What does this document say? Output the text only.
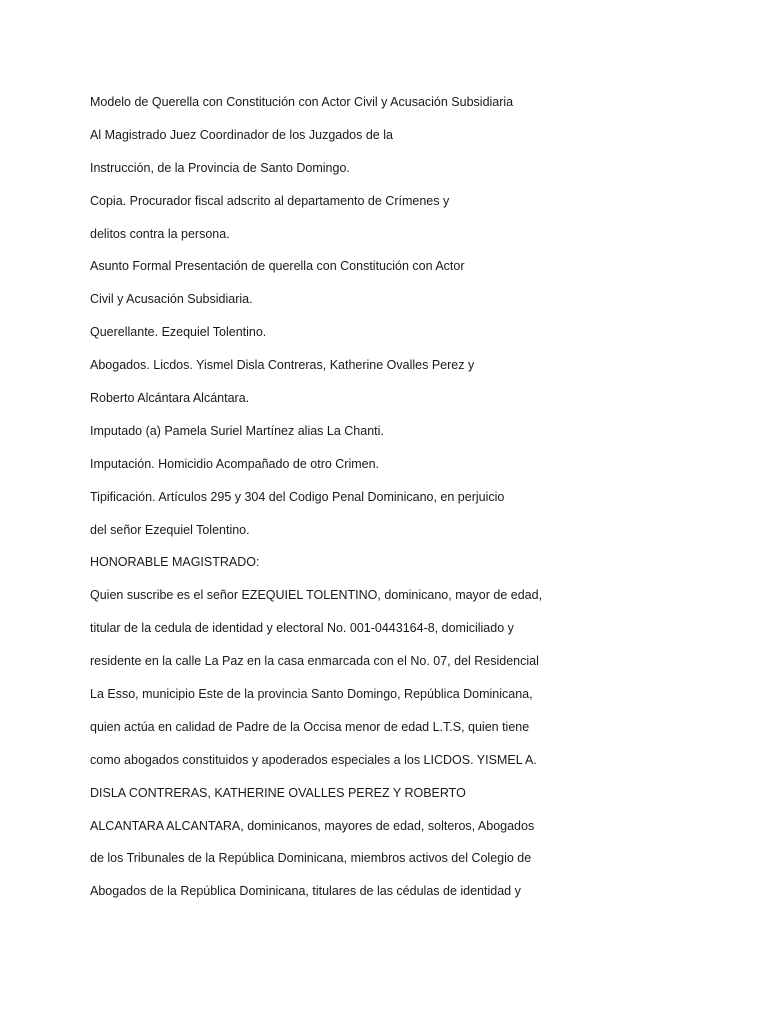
Modelo de Querella con Constitución con Actor Civil y Acusación Subsidiaria

Al Magistrado Juez Coordinador de los Juzgados de la

Instrucción, de la Provincia de Santo Domingo.

Copia. Procurador fiscal adscrito al departamento de Crímenes y

delitos contra la persona.

Asunto Formal Presentación de querella con Constitución con Actor

Civil y Acusación Subsidiaria.

Querellante. Ezequiel Tolentino.

Abogados. Licdos. Yismel Disla Contreras, Katherine Ovalles Perez y

Roberto Alcántara Alcántara.

Imputado (a) Pamela Suriel Martínez alias La Chanti.

Imputación. Homicidio Acompañado de otro Crimen.

Tipificación. Artículos 295 y 304 del Codigo Penal Dominicano, en perjuicio

del señor Ezequiel Tolentino.

HONORABLE MAGISTRADO:

Quien suscribe es el señor EZEQUIEL TOLENTINO, dominicano, mayor de edad,

titular de la cedula de identidad y electoral No. 001-0443164-8, domiciliado y

residente en la calle La Paz en la casa enmarcada con el No. 07, del Residencial

La Esso, municipio Este de la provincia Santo Domingo, República Dominicana,

quien actúa en calidad de Padre de la Occisa menor de edad L.T.S, quien tiene

como abogados constituidos y apoderados especiales a los LICDOS. YISMEL A.

DISLA CONTRERAS, KATHERINE OVALLES PEREZ Y ROBERTO

ALCANTARA ALCANTARA, dominicanos, mayores de edad, solteros, Abogados

de los Tribunales de la República Dominicana, miembros activos del Colegio de

Abogados de la República Dominicana, titulares de las cédulas de identidad y
